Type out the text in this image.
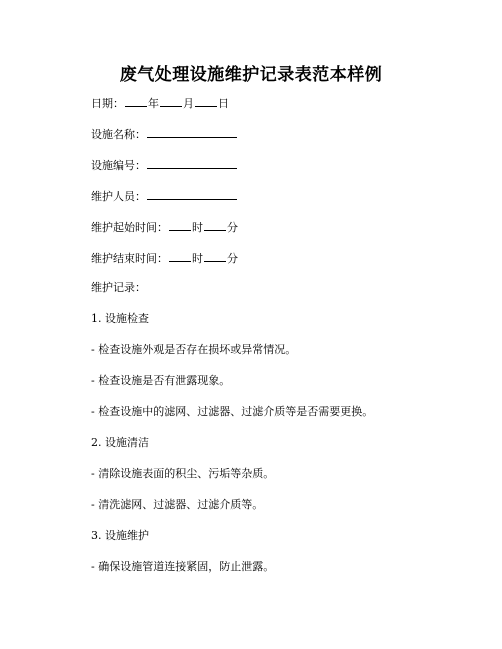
废气处理设施维护记录表范本样例
日期： 年 月 日
设施名称：
设施编号：
维护人员：
维护起始时间： 时 分
维护结束时间： 时 分
维护记录：
1. 设施检查
- 检查设施外观是否存在损坏或异常情况。
- 检查设施是否有泄露现象。
- 检查设施中的滤网、过滤器、过滤介质等是否需要更换。
2. 设施清洁
- 清除设施表面的积尘、污垢等杂质。
- 清洗滤网、过滤器、过滤介质等。
3. 设施维护
- 确保设施管道连接紧固，防止泄露。
